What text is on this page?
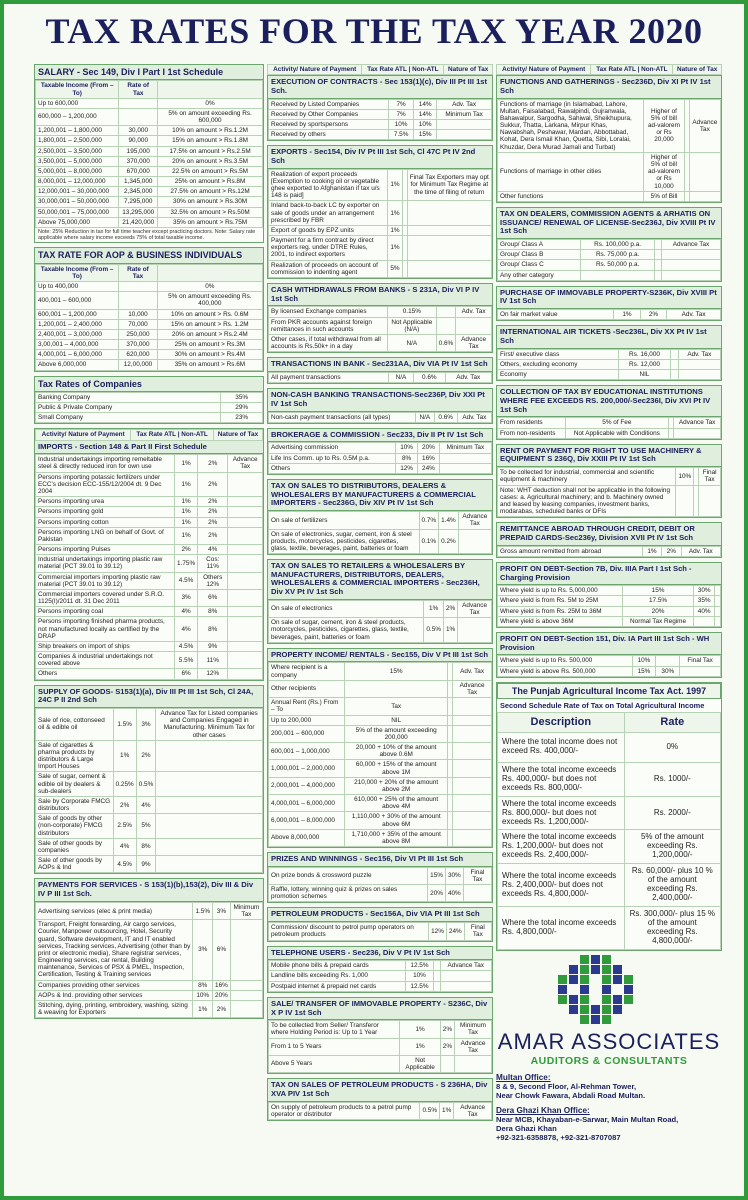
TAX RATES FOR THE TAX YEAR 2020
SALARY - Sec 149, Div I Part I 1st Schedule
Taxable Income (From – To)	Rate of Tax	
Up to 600,000		0%
600,000 – 1,200,000		5% on amount exceeding Rs. 600,000
1,200,001 – 1,800,000	30,000	10% on amount > Rs.1.2M
1,800,001 – 2,500,000	90,000	15% on amount > Rs.1.8M
2,500,001 – 3,500,000	195,000	17.5% on amount > Rs.2.5M
3,500,001 – 5,000,000	370,000	20% on amount > Rs.3.5M
5,000,001 – 8,000,000	670,000	22.5% on amount > Rs.5M
8,000,001 – 12,000,000	1,345,000	25% on amount > Rs.8M
12,000,001 – 30,000,000	2,345,000	27.5% on amount > Rs.12M
30,000,001 – 50,000,000	7,295,000	30% on amount > Rs.30M
50,000,001 – 75,000,000	13,295,000	32.5% on amount > Rs.50M
Above 75,000,000	21,420,000	35% on amount > Rs.75M
Note: 25% Reduction in tax for full time teacher except practicing doctors. Note: Salary rate applicable where salary income exceeds 75% of total taxable income.
TAX RATE FOR AOP & BUSINESS INDIVIDUALS
Taxable Income (From – To)	Rate of Tax	
Up to 400,000		0%
400,001 – 600,000		5% on amount exceeding Rs. 400,000
600,001 – 1,200,000	10,000	10% on amount > Rs. 0.6M
1,200,001 – 2,400,000	70,000	15% on amount > Rs. 1.2M
2,400,001 – 3,000,000	250,000	20% on amount > Rs.2.4M
3,00,001 – 4,000,000	370,000	25% on amount > Rs.3M
4,000,001 – 6,000,000	620,000	30% on amount > Rs.4M
Above 6,000,000	12,00,000	35% on amount > Rs.6M
Tax Rates of Companies
Banking Company	35%
Public & Private Company	29%
Small Company	23%
Activity/ Nature of Payment	Tax Rate ATL | Non-ATL	Nature of Tax
IMPORTS - Section 148 & Part II First Schedule
Industrial undertakings importing remeltable steel & directly reduced iron for own use	1%	2%	Advance Tax
Persons importing potassic fertilizers under ECC's decision ECC-155/12/2004 dt. 9 Dec 2004	1%	2%	
Persons importing urea	1%	2%	
Persons importing gold	1%	2%	
Persons importing cotton	1%	2%	
Persons importing LNG on behalf of Govt. of Pakistan	1%	2%	
Persons importing Pulses	2%	4%	
Industrial undertakings importing plastic raw material (PCT 39.01 to 39.12)	1.75%	Cos: 11%	
Commercial importers importing plastic raw material (PCT 39.01 to 39.12)	4.5%	Others 12%	
Commercial importers covered under S.R.O. 1125(I)/2011 dt. 31 Dec 2011	3%	6%	
Persons importing coal	4%	8%	
Persons importing finished pharma products, not manufactured locally as certified by the DRAP	4%	8%	
Ship breakers on import of ships	4.5%	9%	
Companies & industrial undertakings not covered above	5.5%	11%	
Others	6%	12%	
SUPPLY OF GOODS- S153(1)(a), Div III Pt III 1st Sch, Cl 24A, 24C P II 2nd Sch
Sale of rice, cottonseed oil & edible oil	1.5%	3%	Advance Tax for Listed companies and Companies Engaged in Manufacturing. Minimum Tax for other cases
Sale of cigarettes & pharma products by distributors & Large Import Houses	1%	2%	
Sale of sugar, cement & edible oil by dealers & sub-dealers	0.25%	0.5%	
Sale by Corporate FMCG distributors	2%	4%	
Sale of goods by other (non-corporate) FMCG distributors	2.5%	5%	
Sale of other goods by companies	4%	8%	
Sale of other goods by AOPs & Ind	4.5%	9%	
PAYMENTS FOR SERVICES - S 153(1)(b),153(2), Div III & Div IV P III 1st Sch.
Advertising services (elec & print media)	1.5%	3%	Minimum Tax
Transport, Freight forwarding, Air cargo services, Courier, Manpower outsourcing, Hotel, Security guard, Software development, IT and IT enabled services, Tracking services, Advertising (other than by print or electronic media), Share registrar services, Engineering services, car rental, Building maintenance, Services of PSX & PMEL, Inspection, Certification, Testing & Training services	3%	6%	
Companies providing other services	8%	16%	
AOPs & Ind. providing other services	10%	20%	
Stitching, dying, printing, embroidery, washing, sizing & weaving for Exporters	1%	2%	
Activity/ Nature of Payment	Tax Rate ATL | Non-ATL	Nature of Tax
EXECUTION OF CONTRACTS - Sec 153(1)(c), Div III Pt III 1st Sch.
Received by Listed Companies	7%	14%	Adv. Tax
Received by Other Companies	7%	14%	Minimum Tax
Received by sportspersons	10%	10%	
Received by others	7.5%	15%	
EXPORTS - Sec154, Div IV Pt III 1st Sch, Cl 47C Pt IV 2nd Sch
Realization of export proceeds [Exemption to cooking oil or vegetable ghee exported to Afghanistan if tax u/s 148 is paid]	1%		Final Tax Exporters may opt for Minimum Tax Regime at the time of filing of return
Inland back-to-back LC by exporter on sale of goods under an arrangement prescribed by FBR	1%		
Export of goods by EPZ units	1%		
Payment for a firm contract by direct exporters reg. under DTRE Rules, 2001, to indirect exporters	1%		
Realization of proceeds on account of commission to indenting agent	5%		
CASH WITHDRAWALS FROM BANKS - S 231A, Div VI P IV 1st Sch
By licensed Exchange companies	0.15%		Adv. Tax
From PKR accounts against foreign remittances in such accounts	Not Applicable (N/A)		
Other cases, if total withdrawal from all accounts is Rs.50k+ in a day	N/A	0.6%	Advance Tax
TRANSACTIONS IN BANK - Sec231AA, Div VIA Pt IV 1st Sch
All payment transactions	N/A	0.6%	Adv. Tax
NON-CASH BANKING TRANSACTIONS-Sec236P, Div XXI Pt IV 1st Sch
Non-cash payment transactions (all types)	N/A	0.6%	Adv. Tax
BROKERAGE & COMMISSION - Sec233, Div II Pt IV 1st Sch
Advertising commission	10%	20%	Minimum Tax
Life Ins Comm. up to Rs. 0.5M p.a.	8%	16%	
Others	12%	24%	
TAX ON SALES TO DISTRIBUTORS, DEALERS & WHOLESALERS BY MANUFACTURERS & COMMERCIAL IMPORTERS - Sec236G, Div XIV Pt IV 1st Sch
On sale of fertilizers	0.7%	1.4%	Advance Tax
On sale of electronics, sugar, cement, iron & steel products, motorcycles, pesticides, cigarettes, glass, textile, beverages, paint, batteries or foam	0.1%	0.2%	
TAX ON SALES TO RETAILERS & WHOLESALERS BY MANUFACTURERS, DISTRIBUTORS, DEALERS, WHOLESALERS & COMMERCIAL IMPORTERS - Sec236H, Div XV Pt IV 1st Sch
On sale of electronics	1%	2%	Advance Tax
On sale of sugar, cement, iron & steel products, motorcycles, pesticides, cigarettes, glass, textile, beverages, paint, batteries or foam	0.5%	1%	
PROPERTY INCOME/ RENTALS - Sec155, Div V Pt III 1st Sch
Where recipient is a company	15%		Adv. Tax
Other recipients			Advance Tax
Annual Rent (Rs.) From – To	Tax		
Up to 200,000	NIL		
200,001 – 600,000	5% of the amount exceeding 200,000		
600,001 – 1,000,000	20,000 + 10% of the amount above 0.6M		
1,000,001 – 2,000,000	60,000 + 15% of the amount above 1M		
2,000,001 – 4,000,000	210,000 + 20% of the amount above 2M		
4,000,001 – 6,000,000	610,000 + 25% of the amount above 4M		
6,000,001 – 8,000,000	1,110,000 + 30% of the amount above 6M		
Above 8,000,000	1,710,000 + 35% of the amount above 8M		
PRIZES AND WINNINGS - Sec156, Div VI Pt III 1st Sch
On prize bonds & crossword puzzle	15%	30%	Final Tax
Raffle, lottery, winning quiz & prizes on sales promotion schemes	20%	40%	
PETROLEUM PRODUCTS - Sec156A, Div VIA Pt III 1st Sch
Commission/ discount to petrol pump operators on petroleum products	12%	24%	Final Tax
TELEPHONE USERS - Sec236, Div V Pt IV 1st Sch
Mobile phone bills & prepaid cards	12.5%		Advance Tax
Landline bills exceeding Rs. 1,000	10%		
Postpaid internet & prepaid net cards	12.5%		
SALE/ TRANSFER OF IMMOVABLE PROPERTY - S236C, Div X P IV 1st Sch
To be collected from Seller/ Transferor where Holding Period is: Up to 1 Year	1%	2%	Minimum Tax
From 1 to 5 Years	1%	2%	Advance Tax
Above 5 Years	Not Applicable		
TAX ON SALES OF PETROLEUM PRODUCTS - S 236HA, Div XVA PIV 1st Sch
On supply of petroleum products to a petrol pump operator or distributor	0.5%	1%	Advance Tax
Activity/ Nature of Payment	Tax Rate ATL | Non-ATL	Nature of Tax
FUNCTIONS AND GATHERINGS - Sec236D, Div XI Pt IV 1st Sch
Functions of marriage (in Islamabad, Lahore, Multan, Faisalabad, Rawalpindi, Gujranwala, Bahawalpur, Sargodha, Sahiwal, Sheikhupura, Sukkur, Thatta, Larkana, Mirpur Khas, Nawabshah, Peshawar, Mardan, Abbottabad, Kohat, Dera Ismail Khan, Quetta, Sibi, Loralai, Khuzdar, Dera Murad Jamali and Turbat)	Higher of 5% of bill ad-valorem or Rs 20,000		Advance Tax
Functions of marriage in other cities	Higher of 5% of bill ad-valorem or Rs 10,000		
Other functions	5% of Bill		
TAX ON DEALERS, COMMISSION AGENTS & ARHATIS ON ISSUANCE/ RENEWAL OF LICENSE-Sec236J, Div XVIII Pt IV 1st Sch
Group/ Class A	Rs. 100,000 p.a.		Advance Tax
Group/ Class B	Rs. 75,000 p.a.		
Group/ Class C	Rs. 50,000 p.a.		
Any other category			
PURCHASE OF IMMOVABLE PROPERTY-S236K, Div XVIII Pt IV 1st Sch
On fair market value	1%	2%	Adv. Tax
INTERNATIONAL AIR TICKETS -Sec236L, Div XX Pt IV 1st Sch
First/ executive class	Rs. 16,000		Adv. Tax
Others, excluding economy	Rs. 12,000		
Economy	NIL		
COLLECTION OF TAX BY EDUCATIONAL INSTITUTIONS WHERE FEE EXCEEDS RS. 200,000/-Sec236I, Div XVI Pt IV 1st Sch
From residents	5% of Fee		Advance Tax
From non-residents	Not Applicable with Conditions		
RENT OR PAYMENT FOR RIGHT TO USE MACHINERY & EQUIPMENT S 236Q, Div XXIII Pt IV 1st Sch
To be collected for industrial, commercial and scientific equipment & machinery	10%		Final Tax
Note: WHT deduction shall not be applicable in the following cases: a. Agricultural machinery; and b. Machinery owned and leased by leasing companies, investment banks, modarabas, scheduled banks or DFIs			
REMITTANCE ABROAD THROUGH CREDIT, DEBIT OR PREPAID CARDS-Sec236y, Division XVII Pt IV 1st Sch
Gross amount remitted from abroad	1%	2%	Adv. Tax
PROFIT ON DEBT-Section 7B, Div. IIIA Part I 1st Sch - Charging Provision
Where yield is up to Rs. 5,000,000	15%	30%	
Where yield is from Rs. 5M to 25M	17.5%	35%	
Where yield is from Rs. 25M to 36M	20%	40%	
Where yield is above 36M	Normal Tax Regime		
PROFIT ON DEBT-Section 151, Div. IA Part III 1st Sch - WH Provision
Where yield is up to Rs. 500,000	10%		Final Tax
Where yield is above Rs. 500,000	15%	30%	
The Punjab Agricultural Income Tax Act. 1997
Second Schedule Rate of Tax on Total Agricultural Income
Description	Rate
Where the total income does not exceed Rs. 400,000/-	0%
Where the total income exceeds Rs. 400,000/- but does not exceeds Rs. 800,000/-	Rs. 1000/-
Where the total income exceeds Rs. 800,000/- but does not exceeds Rs. 1,200,000/-	Rs. 2000/-
Where the total income exceeds Rs. 1,200,000/- but does not exceeds Rs. 2,400,000/-	5% of the amount exceeding Rs. 1,200,000/-
Where the total income exceeds Rs. 2,400,000/- but does not exceeds Rs. 4,800,000/-	Rs. 60,000/- plus 10 % of the amount exceeding Rs. 2,400,000/-
Where the total income exceeds Rs. 4,800,000/-	Rs. 300,000/- plus 15 % of the amount exceeding Rs. 4,800,000/-
AMAR ASSOCIATES
AUDITORS & CONSULTANTS
Multan Office:
8 & 9, Second Floor, Al-Rehman Tower,
Near Chowk Fawara, Abdali Road Multan.
Dera Ghazi Khan Office:
Near MCB, Khayaban-e-Sarwar, Main Multan Road,
Dera Ghazi Khan
+92-321-6358878, +92-321-8707087
